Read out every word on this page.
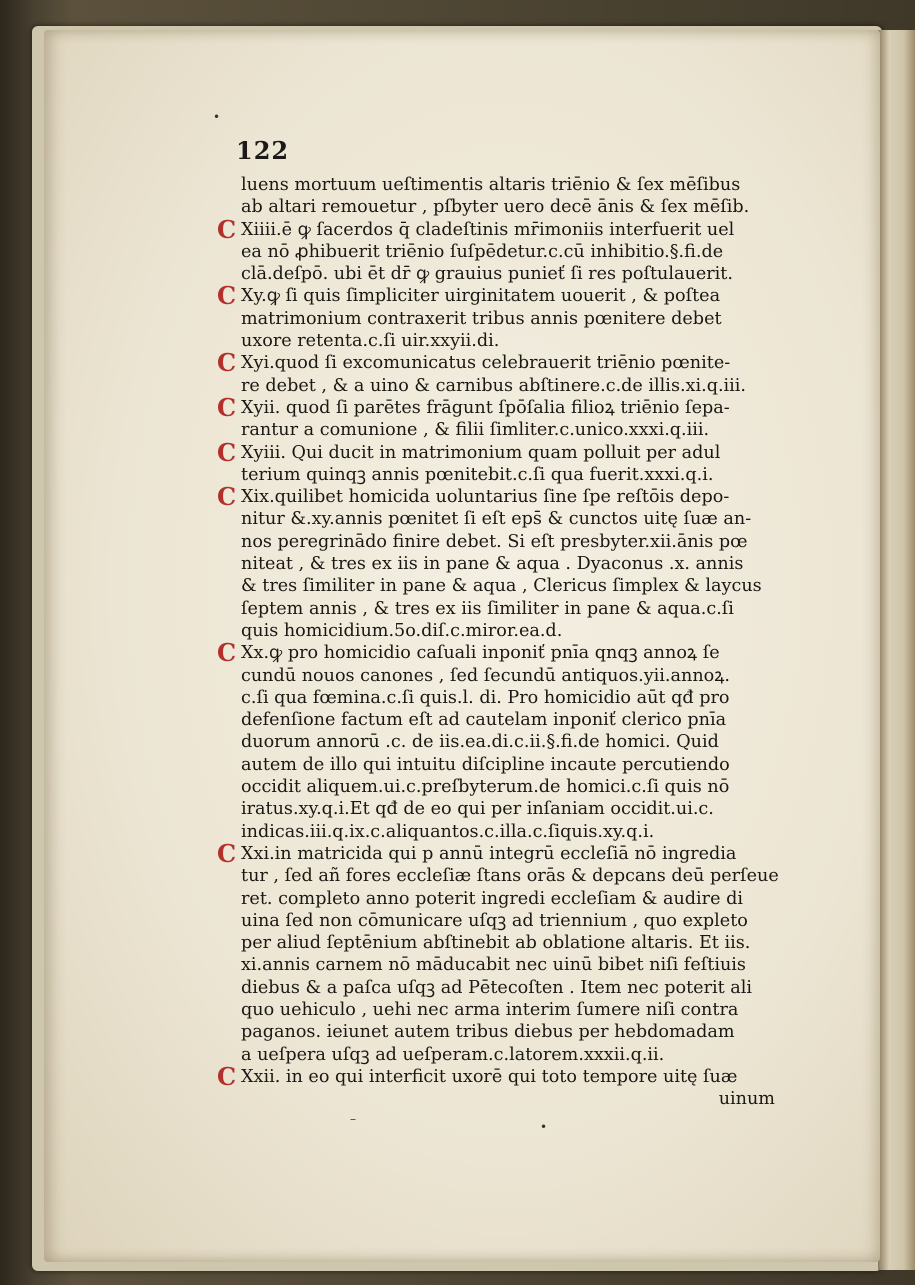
122
luens mortuum ueſtimentis altaris triēnio & ſex mēſibus
ab altari remouetur , pſbyter uero decē ānis & ſex mēſib.
C Xiiii.ē ꝙ ſacerdos q̄ cladeſtinis mr̄imoniis interfuerit uel
ea nō ꝓhibuerit triēnio ſuſpēdetur.c.cū inhibitio.§.fi.de
clā.deſpō. ubi ēt dr̄ ꝙ grauius punieť ſi res poſtulauerit.
C Xy.ꝙ ſi quis ſimpliciter uirginitatem uouerit , & poſtea
matrimonium contraxerit tribus annis pœnitere debet
uxore retenta.c.ſi uir.xxyii.di.
C Xyi.quod ſi excomunicatus celebrauerit triēnio pœnite-
re debet , & a uino & carnibus abſtinere.c.de illis.xi.q.iii.
C Xyii. quod ſi parētes frāgunt ſpōſalia filioꝝ triēnio ſepa-
rantur a comunione , & filii ſimliter.c.unico.xxxi.q.iii.
C Xyiii. Qui ducit in matrimonium quam polluit per adul
terium quinqꝫ annis pœnitebit.c.ſi qua fuerit.xxxi.q.i.
C Xix.quilibet homicida uoluntarius ſine ſpe reſtōis depo-
nitur &.xy.annis pœnitet ſi eſt eps̄ & cunctos uitę ſuæ an-
nos peregrinādo finire debet. Si eſt presbyter.xii.ānis pœ
niteat , & tres ex iis in pane & aqua . Dyaconus .x. annis
& tres ſimiliter in pane & aqua , Clericus ſimplex & laycus
ſeptem annis , & tres ex iis ſimiliter in pane & aqua.c.ſi
quis homicidium.5o.diſ.c.miror.ea.d.
C Xx.ꝙ pro homicidio caſuali inponiť pnīa qnqꝫ annoꝝ ſe
cundū nouos canones , ſed ſecundū antiquos.yii.annoꝝ.
c.ſi qua fœmina.c.ſi quis.l. di. Pro homicidio aūt qđ pro
defenſione factum eſt ad cautelam inponiť clerico pnīa
duorum annorū .c. de iis.ea.di.c.ii.§.fi.de homici. Quid
autem de illo qui intuitu diſcipline incaute percutiendo
occidit aliquem.ui.c.preſbyterum.de homici.c.ſi quis nō
iratus.xy.q.i.Et qđ de eo qui per inſaniam occidit.ui.c.
indicas.iii.q.ix.c.aliquantos.c.illa.c.ſiquis.xy.q.i.
C Xxi.in matricida qui p annū integrū eccleſiā nō ingredia
tur , ſed añ fores eccleſiæ ſtans orās & depcans deū perſeue
ret. completo anno poterit ingredi eccleſiam & audire di
uina ſed non cōmunicare uſqꝫ ad triennium , quo expleto
per aliud ſeptēnium abſtinebit ab oblatione altaris. Et iis.
xi.annis carnem nō māducabit nec uinū bibet niſi feſtiuis
diebus & a paſca uſqꝫ ad Pētecoſten . Item nec poterit ali
quo uehiculo , uehi nec arma interim ſumere niſi contra
paganos. ieiunet autem tribus diebus per hebdomadam
a ueſpera uſqꝫ ad ueſperam.c.latorem.xxxii.q.ii.
C Xxii. in eo qui interficit uxorē qui toto tempore uitę ſuæ
uinum
•
–
•
